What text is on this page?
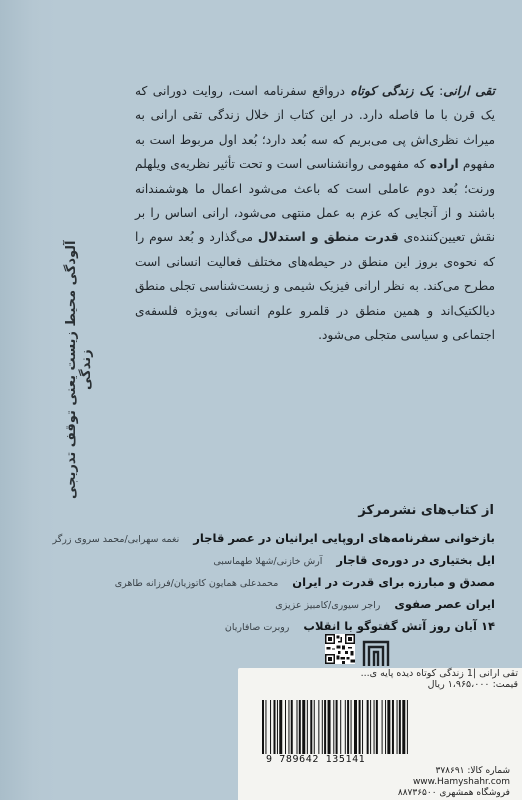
آلودگی محیط زیست یعنی توقف تدریجی زندگی
تقی ارانی: یک زندگی کوتاه درواقع سفرنامه است، روایت دورانی که یک قرن با ما فاصله دارد. در این کتاب از خلال زندگی تقی ارانی به میراث نظری‌اش پی می‌بریم که سه بُعد دارد؛ بُعد اول مربوط است به مفهوم اراده که مفهومی روانشناسی است و تحت تأثیر نظریه‌ی ویلهلم ورنت؛ بُعد دوم عاملی است که باعث می‌شود اعمال ما هوشمندانه باشند و از آنجایی که عزم به عمل منتهی می‌شود، ارانی اساس را بر نقش تعیین‌کننده‌ی قدرت منطق و استدلال می‌گذارد و بُعد سوم را که نحوه‌ی بروز این منطق در حیطه‌های مختلف فعالیت انسانی است مطرح می‌کند. به نظر ارانی فیزیک شیمی و زیست‌شناسی تجلی منطق دیالکتیک‌اند و همین منطق در قلمرو علوم انسانی به‌ویژه فلسفه‌ی اجتماعی و سیاسی متجلی می‌شود.
از کتاب‌های نشرمرکز
بازخوانی سفرنامه‌های اروپایی ایرانیان در عصر قاجار
نغمه سهرابی/محمد سروی زرگر
ایل بختیاری در دوره‌ی قاجار
آرش خازنی/شهلا طهماسبی
مصدق و مبارزه برای قدرت در ایران
محمدعلی همایون کاتوزیان/فرزانه طاهری
ایران عصر صفوی
راجر سیوری/کامبیز عزیزی
۱۴ آبان روز آتش گفتوگو با انقلاب
روبرت صافاریان
تقی ارانی |1 زندگی کوتاه دیده پایه ی...
قیمت: ۱،۹۶۵،۰۰۰ ریال
9 789642 135141
شماره کالا: ۳۷۸۶۹۱
www.Hamyshahr.com
فروشگاه همشهری ۸۸۷۳۶۵۰۰
